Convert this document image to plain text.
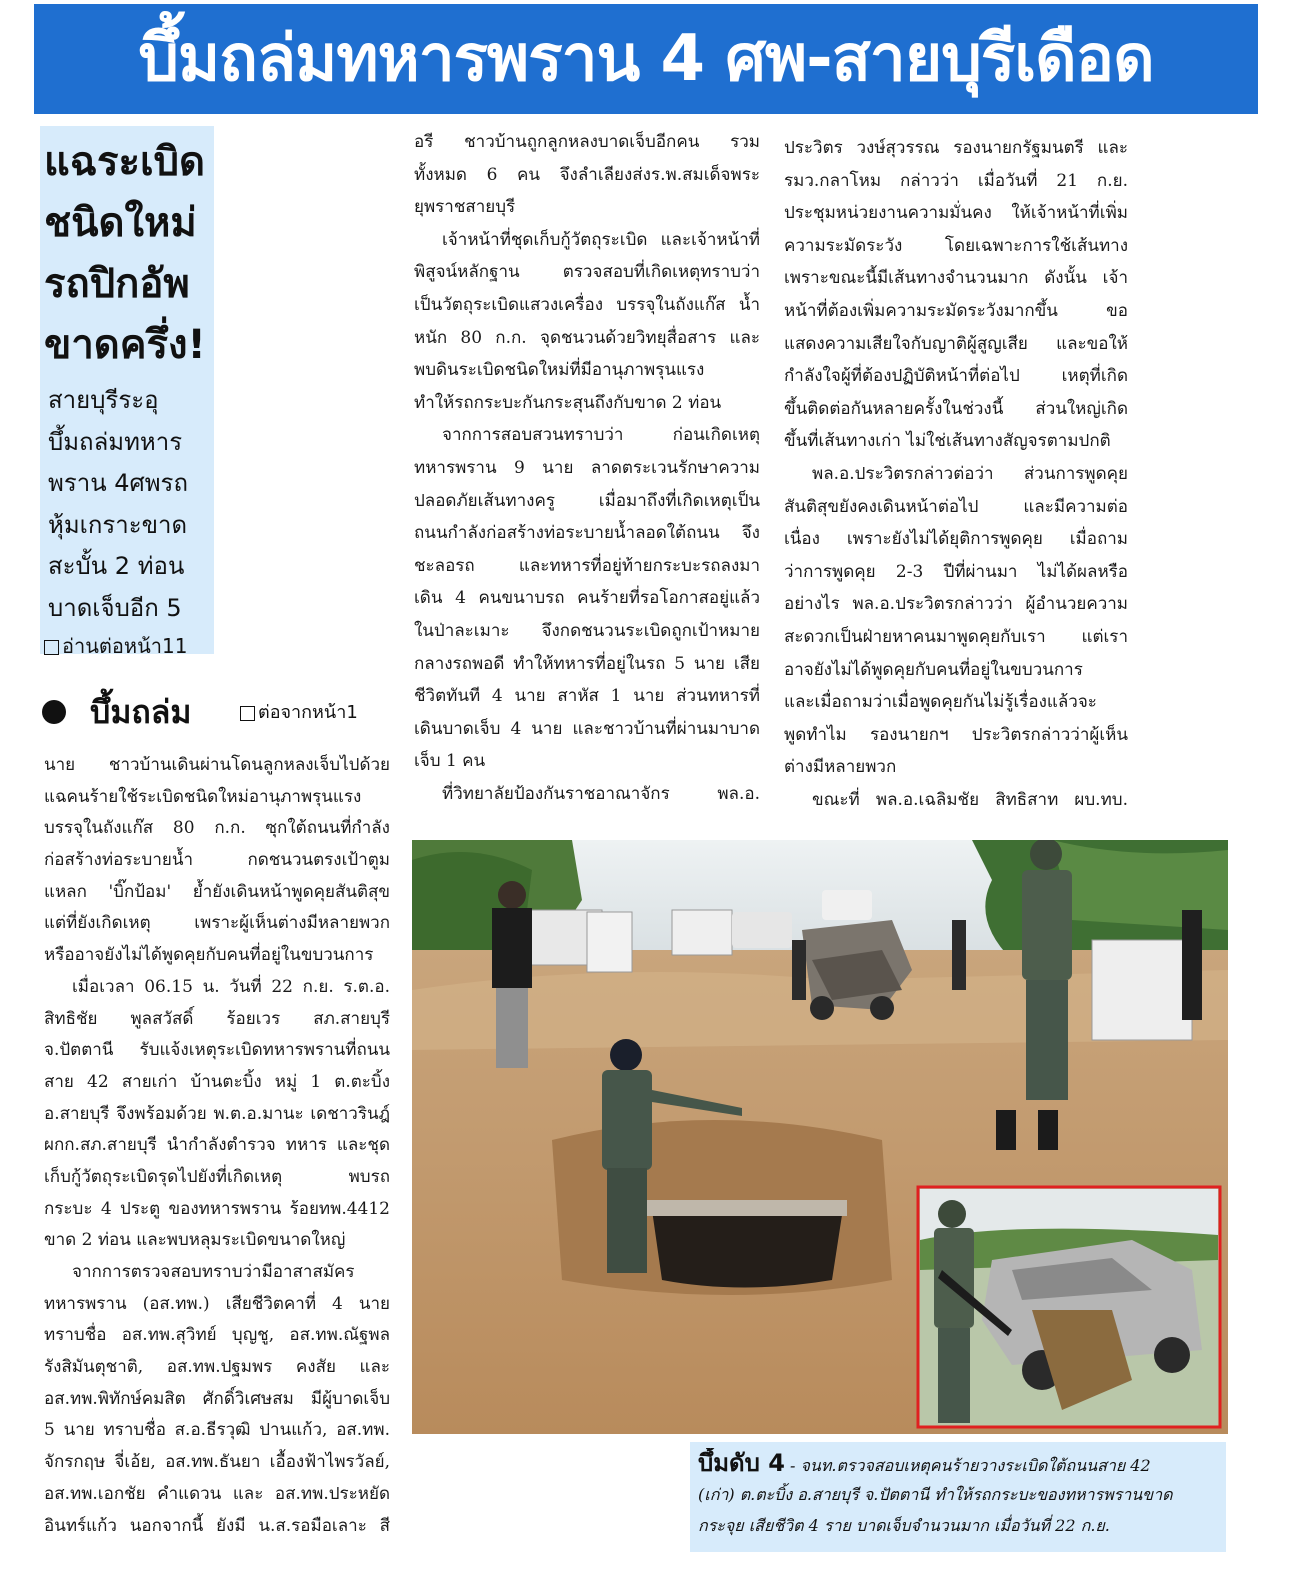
บึ้มถล่มทหารพราน 4 ศพ-สายบุรีเดือด
แฉระเบิด
ชนิดใหม่
รถปิกอัพ
ขาดครึ่ง!
สายบุรีระอุ
บึ้มถล่มทหาร
พราน 4ศพรถ
หุ้มเกราะขาด
สะบั้น 2 ท่อน
บาดเจ็บอีก 5
อ่านต่อหน้า11
บึ้มถล่ม	ต่อจากหน้า1
นาย ชาวบ้านเดินผ่านโดนลูกหลงเจ็บไปด้วย
แฉคนร้ายใช้ระเบิดชนิดใหม่อานุภาพรุนแรง
บรรจุในถังแก๊ส 80 ก.ก. ซุกใต้ถนนที่กำลัง
ก่อสร้างท่อระบายน้ำ กดชนวนตรงเป้าตูม
แหลก 'บิ๊กป้อม' ย้ำยังเดินหน้าพูดคุยสันติสุข
แต่ที่ยังเกิดเหตุ เพราะผู้เห็นต่างมีหลายพวก
หรืออาจยังไม่ได้พูดคุยกับคนที่อยู่ในขบวนการ
เมื่อเวลา 06.15 น. วันที่ 22 ก.ย. ร.ต.อ.
สิทธิชัย พูลสวัสดิ์ ร้อยเวร สภ.สายบุรี
จ.ปัตตานี รับแจ้งเหตุระเบิดทหารพรานที่ถนน
สาย 42 สายเก่า บ้านตะบิ้ง หมู่ 1 ต.ตะบิ้ง
อ.สายบุรี จึงพร้อมด้วย พ.ต.อ.มานะ เดชาวรินฎ์
ผกก.สภ.สายบุรี นำกำลังตำรวจ ทหาร และชุด
เก็บกู้วัตถุระเบิดรุดไปยังที่เกิดเหตุ พบรถ
กระบะ 4 ประตู ของทหารพราน ร้อยทพ.4412
ขาด 2 ท่อน และพบหลุมระเบิดขนาดใหญ่
จากการตรวจสอบทราบว่ามีอาสาสมัคร
ทหารพราน (อส.ทพ.) เสียชีวิตคาที่ 4 นาย
ทราบชื่อ อส.ทพ.สุวิทย์ บุญชู, อส.ทพ.ณัฐพล
รังสิมันตุชาติ, อส.ทพ.ปฐมพร คงสัย และ
อส.ทพ.พิทักษ์คมสิต ศักดิ์วิเศษสม มีผู้บาดเจ็บ
5 นาย ทราบชื่อ ส.อ.ธีรวุฒิ ปานแก้ว, อส.ทพ.
จักรกฤษ จี่เอ้ย, อส.ทพ.ธันยา เอื้องฟ้าไพรวัลย์,
อส.ทพ.เอกชัย คำแดวน และ อส.ทพ.ประหยัด
อินทร์แก้ว นอกจากนี้ ยังมี น.ส.รอมือเลาะ สี
อรี ชาวบ้านถูกลูกหลงบาดเจ็บอีกคน รวม
ทั้งหมด 6 คน จึงลำเลียงส่งร.พ.สมเด็จพระ
ยุพราชสายบุรี
เจ้าหน้าที่ชุดเก็บกู้วัตถุระเบิด และเจ้าหน้าที่
พิสูจน์หลักฐาน ตรวจสอบที่เกิดเหตุทราบว่า
เป็นวัตถุระเบิดแสวงเครื่อง บรรจุในถังแก๊ส น้ำ
หนัก 80 ก.ก. จุดชนวนด้วยวิทยุสื่อสาร และ
พบดินระเบิดชนิดใหม่ที่มีอานุภาพรุนแรง
ทำให้รถกระบะกันกระสุนถึงกับขาด 2 ท่อน
จากการสอบสวนทราบว่า ก่อนเกิดเหตุ
ทหารพราน 9 นาย ลาดตระเวนรักษาความ
ปลอดภัยเส้นทางครู เมื่อมาถึงที่เกิดเหตุเป็น
ถนนกำลังก่อสร้างท่อระบายน้ำลอดใต้ถนน จึง
ชะลอรถ และทหารที่อยู่ท้ายกระบะรถลงมา
เดิน 4 คนขนาบรถ คนร้ายที่รอโอกาสอยู่แล้ว
ในป่าละเมาะ จึงกดชนวนระเบิดถูกเป้าหมาย
กลางรถพอดี ทำให้ทหารที่อยู่ในรถ 5 นาย เสีย
ชีวิตทันที 4 นาย สาหัส 1 นาย ส่วนทหารที่
เดินบาดเจ็บ 4 นาย และชาวบ้านที่ผ่านมาบาด
เจ็บ 1 คน
ที่วิทยาลัยป้องกันราชอาณาจักร พล.อ.
ประวิตร วงษ์สุวรรณ รองนายกรัฐมนตรี และ
รมว.กลาโหม กล่าวว่า เมื่อวันที่ 21 ก.ย.
ประชุมหน่วยงานความมั่นคง ให้เจ้าหน้าที่เพิ่ม
ความระมัดระวัง โดยเฉพาะการใช้เส้นทาง
เพราะขณะนี้มีเส้นทางจำนวนมาก ดังนั้น เจ้า
หน้าที่ต้องเพิ่มความระมัดระวังมากขึ้น ขอ
แสดงความเสียใจกับญาติผู้สูญเสีย และขอให้
กำลังใจผู้ที่ต้องปฏิบัติหน้าที่ต่อไป เหตุที่เกิด
ขึ้นติดต่อกันหลายครั้งในช่วงนี้ ส่วนใหญ่เกิด
ขึ้นที่เส้นทางเก่า ไม่ใช่เส้นทางสัญจรตามปกติ
พล.อ.ประวิตรกล่าวต่อว่า ส่วนการพูดคุย
สันติสุขยังคงเดินหน้าต่อไป และมีความต่อ
เนื่อง เพราะยังไม่ได้ยุติการพูดคุย เมื่อถาม
ว่าการพูดคุย 2-3 ปีที่ผ่านมา ไม่ได้ผลหรือ
อย่างไร พล.อ.ประวิตรกล่าวว่า ผู้อำนวยความ
สะดวกเป็นฝ่ายหาคนมาพูดคุยกับเรา แต่เรา
อาจยังไม่ได้พูดคุยกับคนที่อยู่ในขบวนการ
และเมื่อถามว่าเมื่อพูดคุยกันไม่รู้เรื่องแล้วจะ
พูดทำไม รองนายกฯ ประวิตรกล่าวว่าผู้เห็น
ต่างมีหลายพวก
ขณะที่ พล.อ.เฉลิมชัย สิทธิสาท ผบ.ทบ.
บึ้มดับ 4 - จนท.ตรวจสอบเหตุคนร้ายวางระเบิดใต้ถนนสาย 42
(เก่า) ต.ตะบิ้ง อ.สายบุรี จ.ปัตตานี ทำให้รถกระบะของทหารพรานขาด
กระจุย เสียชีวิต 4 ราย บาดเจ็บจำนวนมาก เมื่อวันที่ 22 ก.ย.
